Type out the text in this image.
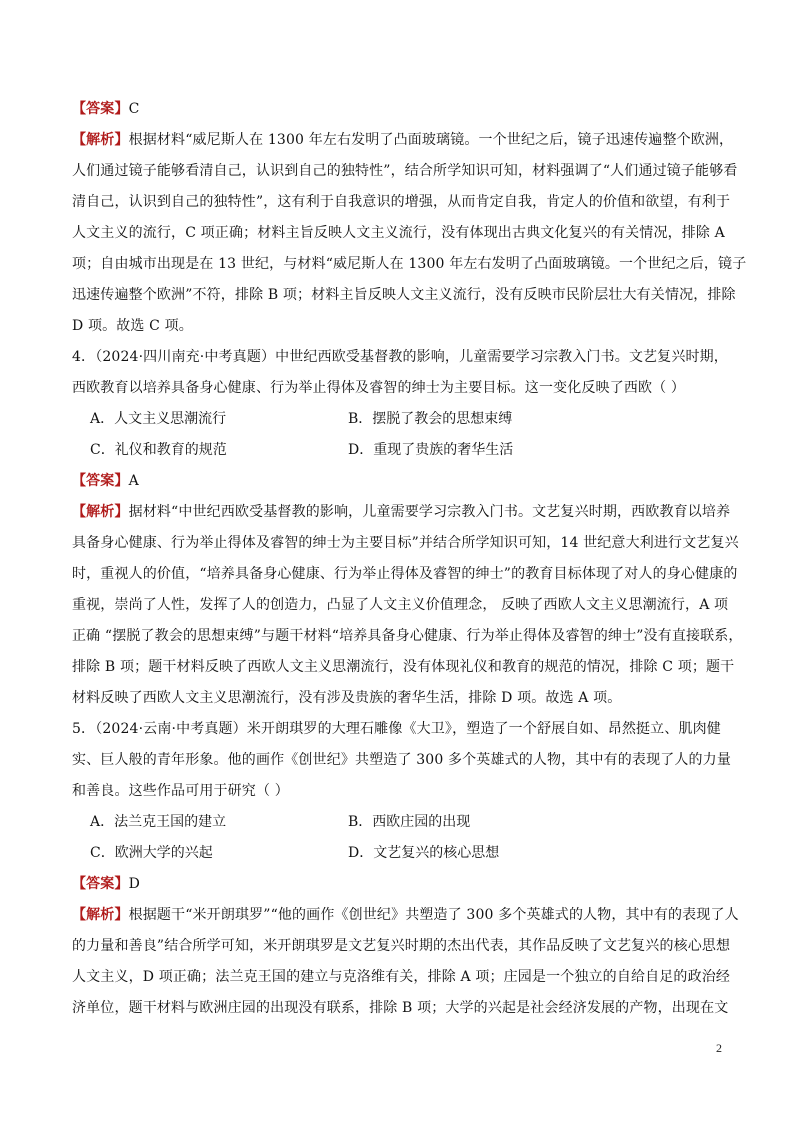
【答案】C
【解析】根据材料“威尼斯人在 1300 年左右发明了凸面玻璃镜。一个世纪之后，镜子迅速传遍整个欧洲，
人们通过镜子能够看清自己，认识到自己的独特性”，结合所学知识可知，材料强调了“人们通过镜子能够看
清自己，认识到自己的独特性”，这有利于自我意识的增强，从而肯定自我，肯定人的价值和欲望，有利于
人文主义的流行，C 项正确；材料主旨反映人文主义流行，没有体现出古典文化复兴的有关情况，排除 A
项；自由城市出现是在 13 世纪，与材料“威尼斯人在 1300 年左右发明了凸面玻璃镜。一个世纪之后，镜子
迅速传遍整个欧洲”不符，排除 B 项；材料主旨反映人文主义流行，没有反映市民阶层壮大有关情况，排除
D 项。故选 C 项。
4．（2024·四川南充·中考真题）中世纪西欧受基督教的影响，儿童需要学习宗教入门书。文艺复兴时期，
西欧教育以培养具备身心健康、行为举止得体及睿智的绅士为主要目标。这一变化反映了西欧（ ）
A．人文主义思潮流行	B．摆脱了教会的思想束缚
C．礼仪和教育的规范	D．重现了贵族的奢华生活
【答案】A
【解析】据材料“中世纪西欧受基督教的影响，儿童需要学习宗教入门书。文艺复兴时期，西欧教育以培养
具备身心健康、行为举止得体及睿智的绅士为主要目标”并结合所学知识可知，14 世纪意大利进行文艺复兴
时，重视人的价值，“培养具备身心健康、行为举止得体及睿智的绅士”的教育目标体现了对人的身心健康的
重视，崇尚了人性，发挥了人的创造力，凸显了人文主义价值理念， 反映了西欧人文主义思潮流行，A 项
正确 “摆脱了教会的思想束缚”与题干材料“培养具备身心健康、行为举止得体及睿智的绅士”没有直接联系，
排除 B 项；题干材料反映了西欧人文主义思潮流行，没有体现礼仪和教育的规范的情况，排除 C 项；题干
材料反映了西欧人文主义思潮流行，没有涉及贵族的奢华生活，排除 D 项。故选 A 项。
5．（2024·云南·中考真题）米开朗琪罗的大理石雕像《大卫》，塑造了一个舒展自如、昂然挺立、肌肉健
实、巨人般的青年形象。他的画作《创世纪》共塑造了 300 多个英雄式的人物，其中有的表现了人的力量
和善良。这些作品可用于研究（ ）
A．法兰克王国的建立	B．西欧庄园的出现
C．欧洲大学的兴起	D．文艺复兴的核心思想
【答案】D
【解析】根据题干“米开朗琪罗”“他的画作《创世纪》共塑造了 300 多个英雄式的人物，其中有的表现了人
的力量和善良”结合所学可知，米开朗琪罗是文艺复兴时期的杰出代表，其作品反映了文艺复兴的核心思想
人文主义，D 项正确；法兰克王国的建立与克洛维有关，排除 A 项；庄园是一个独立的自给自足的政治经
济单位，题干材料与欧洲庄园的出现没有联系，排除 B 项；大学的兴起是社会经济发展的产物，出现在文
2
